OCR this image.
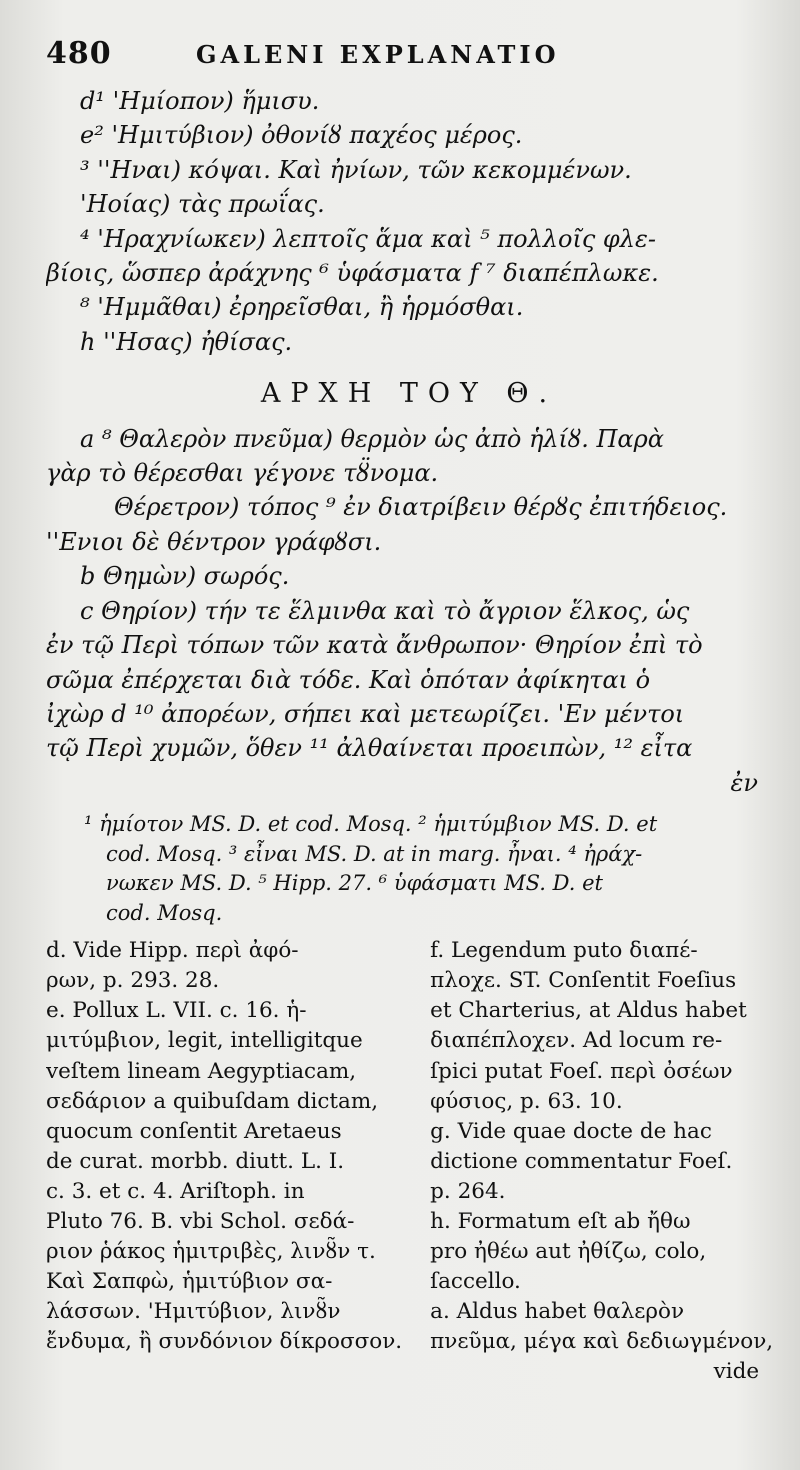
480	GALENI EXPLANATIO
d¹ 'Ημίοπον) ἥμισυ.
e² 'Ημιτύβιον) ὀθονίȣ παχέος μέρος.
³ ''Ηναι) κόψαι. Καὶ ἠνίων, τῶν κεκομμένων.
'Ηοίας) τὰς πρωΐας.
⁴ 'Ηραχνίωκεν) λεπτοῖς ἅμα καὶ ⁵ πολλοῖς φλε-
βίοις, ὥσπερ ἀράχνης ⁶ ὑφάσματα f ⁷ διαπέπλωκε.
⁸ 'Ημμᾶθαι) ἐρηρεῖσθαι, ἢ ἡρμόσθαι.
h ''Ησας) ἠθίσας.
ΑΡΧΗ ΤΟΥ Θ.
a ⁸ Θαλερὸν πνεῦμα) θερμὸν ὡς ἀπὸ ἡλίȣ. Παρὰ
γὰρ τὸ θέρεσθαι γέγονε τȣ̈νομα.
Θέρετρον) τόπος ⁹ ἐν διατρίβειν θέρȣς ἐπιτήδειος.
''Ενιοι δὲ θέντρον γράφȣσι.
b Θημὼν) σωρός.
c Θηρίον) τήν τε ἕλμινθα καὶ τὸ ἄγριον ἕλκος, ὡς
ἐν τῷ Περὶ τόπων τῶν κατὰ ἄνθρωπον· Θηρίον ἐπὶ τὸ
σῶμα ἐπέρχεται διὰ τόδε. Καὶ ὁπόταν ἀφίκηται ὁ
ἰχὼρ d ¹⁰ ἀπορέων, σήπει καὶ μετεωρίζει. 'Εν μέντοι
τῷ Περὶ χυμῶν, ὅθεν ¹¹ ἀλθαίνεται προειπὼν, ¹² εἶτα
ἐν
¹ ἡμίοτον MS. D. et cod. Mosq. ² ἡμιτύμβιον MS. D. et
cod. Mosq. ³ εἶναι MS. D. at in marg. ἦναι. ⁴ ἠράχ-
νωκεν MS. D. ⁵ Hipp. 27. ⁶ ὑφάσματι MS. D. et
cod. Mosq.
d. Vide Hipp. περὶ ἀφό-
ρων, p. 293. 28.
e. Pollux L. VII. c. 16. ἡ-
μιτύμβιον, legit, intelligitque
veſtem lineam Aegyptiacam,
σεδάριον a quibuſdam dictam,
quocum conſentit Aretaeus
de curat. morbb. diutt. L. I.
c. 3. et c. 4. Ariſtoph. in
Pluto 76. B. vbi Schol. σεδά-
ριον ῥάκος ἡμιτριβὲς, λινȣ̃ν τ.
Καὶ Σαπφὼ, ἡμιτύβιον σα-
λάσσων. 'Ημιτύβιον, λινȣ̃ν
ἔνδυμα, ἢ συνδόνιον δίκροσσον.
f. Legendum puto διαπέ-
πλοχε. ST. Conſentit Foeſius
et Charterius, at Aldus habet
διαπέπλοχεν. Ad locum re-
ſpici putat Foeſ. περὶ ὀσέων
φύσιος, p. 63. 10.
g. Vide quae docte de hac
dictione commentatur Foeſ.
p. 264.
h. Formatum eſt ab ἤθω
pro ἠθέω aut ἠθίζω, colo,
ſaccello.
a. Aldus habet θαλερὸν
πνεῦμα, μέγα καὶ δεδιωγμένον,
vide
